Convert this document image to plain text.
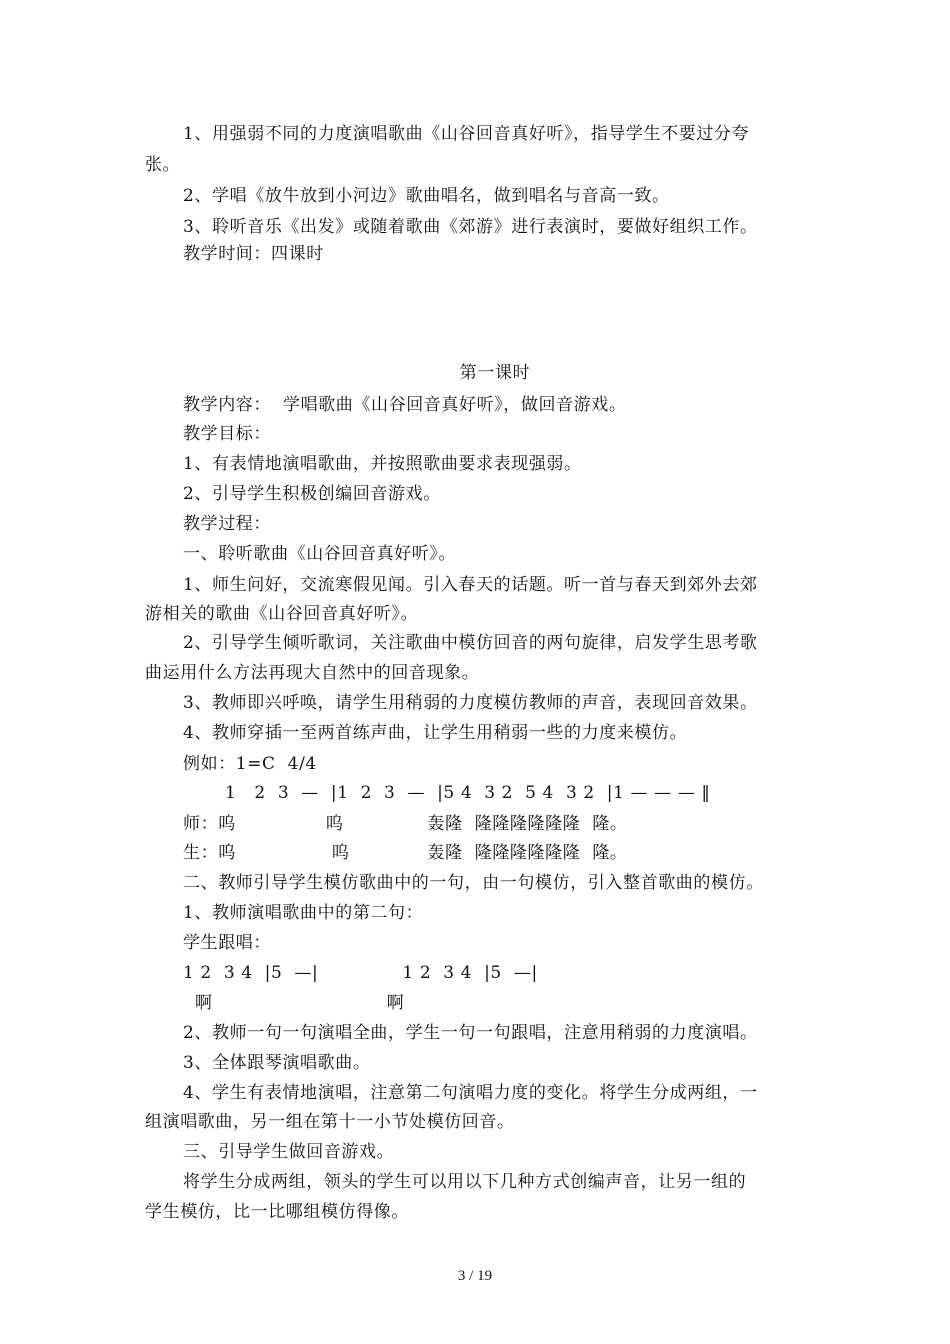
1、用强弱不同的力度演唱歌曲《山谷回音真好听》，指导学生不要过分夸
张。
2、学唱《放牛放到小河边》歌曲唱名，做到唱名与音高一致。
3、聆听音乐《出发》或随着歌曲《郊游》进行表演时，要做好组织工作。
教学时间：四课时
第一课时
教学内容：  学唱歌曲《山谷回音真好听》，做回音游戏。
教学目标：
1、有表情地演唱歌曲，并按照歌曲要求表现强弱。
2、引导学生积极创编回音游戏。
教学过程：
一、聆听歌曲《山谷回音真好听》。
1、师生问好，交流寒假见闻。引入春天的话题。听一首与春天到郊外去郊
游相关的歌曲《山谷回音真好听》。
2、引导学生倾听歌词，关注歌曲中模仿回音的两句旋律，启发学生思考歌
曲运用什么方法再现大自然中的回音现象。
3、教师即兴呼唤，请学生用稍弱的力度模仿教师的声音，表现回音效果。
4、教师穿插一至两首练声曲，让学生用稍弱一些的力度来模仿。
例如：1=C  4/4
1   2  3  —  |1  2  3  —  |5 4  3 2  5 4  3 2  |1 — — — ‖
师：呜               呜              轰隆  隆隆隆隆隆隆  隆。
生：呜                呜             轰隆  隆隆隆隆隆隆  隆。
二、教师引导学生模仿歌曲中的一句，由一句模仿，引入整首歌曲的模仿。
1、教师演唱歌曲中的第二句：
学生跟唱：
1 2  3 4  |5  —|              1 2  3 4  |5  —|
啊                             啊
2、教师一句一句演唱全曲，学生一句一句跟唱，注意用稍弱的力度演唱。
3、全体跟琴演唱歌曲。
4、学生有表情地演唱，注意第二句演唱力度的变化。将学生分成两组，一
组演唱歌曲，另一组在第十一小节处模仿回音。
三、引导学生做回音游戏。
将学生分成两组，领头的学生可以用以下几种方式创编声音，让另一组的
学生模仿，比一比哪组模仿得像。
3 / 19
